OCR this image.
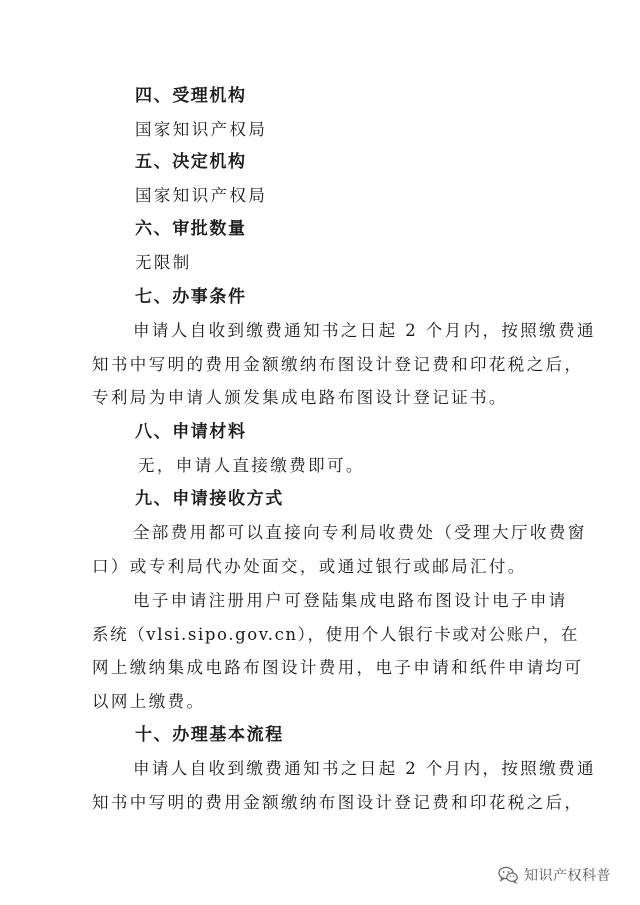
四、受理机构
国家知识产权局
五、决定机构
国家知识产权局
六、审批数量
无限制
七、办事条件
申请人自收到缴费通知书之日起 2 个月内，按照缴费通
知书中写明的费用金额缴纳布图设计登记费和印花税之后，
专利局为申请人颁发集成电路布图设计登记证书。
八、申请材料
无，申请人直接缴费即可。
九、申请接收方式
全部费用都可以直接向专利局收费处（受理大厅收费窗
口）或专利局代办处面交，或通过银行或邮局汇付。
电子申请注册用户可登陆集成电路布图设计电子申请
系统（vlsi.sipo.gov.cn），使用个人银行卡或对公账户，在
网上缴纳集成电路布图设计费用，电子申请和纸件申请均可
以网上缴费。
十、办理基本流程
申请人自收到缴费通知书之日起 2 个月内，按照缴费通
知书中写明的费用金额缴纳布图设计登记费和印花税之后，
知识产权科普
